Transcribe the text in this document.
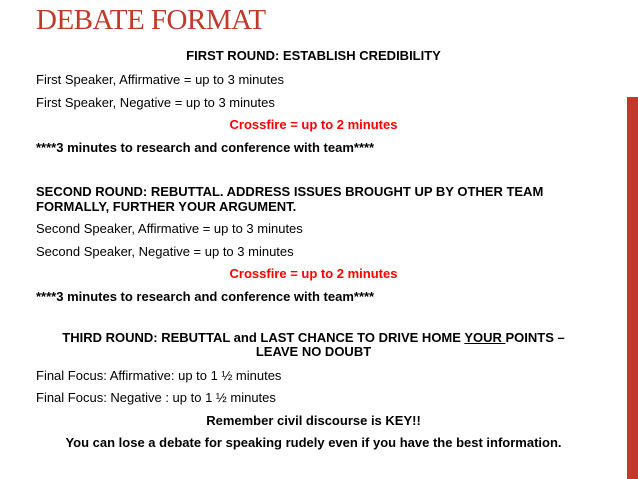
DEBATE FORMAT
FIRST ROUND: ESTABLISH CREDIBILITY
First Speaker, Affirmative = up to 3 minutes
First Speaker, Negative = up to 3 minutes
Crossfire = up to 2 minutes
****3 minutes to research and conference with team****
SECOND ROUND: REBUTTAL. ADDRESS ISSUES BROUGHT UP BY OTHER TEAM
FORMALLY, FURTHER YOUR ARGUMENT.
Second Speaker, Affirmative = up to 3 minutes
Second Speaker, Negative = up to 3 minutes
Crossfire = up to 2 minutes
****3 minutes to research and conference with team****
THIRD ROUND: REBUTTAL and LAST CHANCE TO DRIVE HOME YOUR POINTS –
LEAVE NO DOUBT
Final Focus: Affirmative: up to 1 ½ minutes
Final Focus: Negative : up to 1 ½ minutes
Remember civil discourse is KEY!!
You can lose a debate for speaking rudely even if you have the best information.
